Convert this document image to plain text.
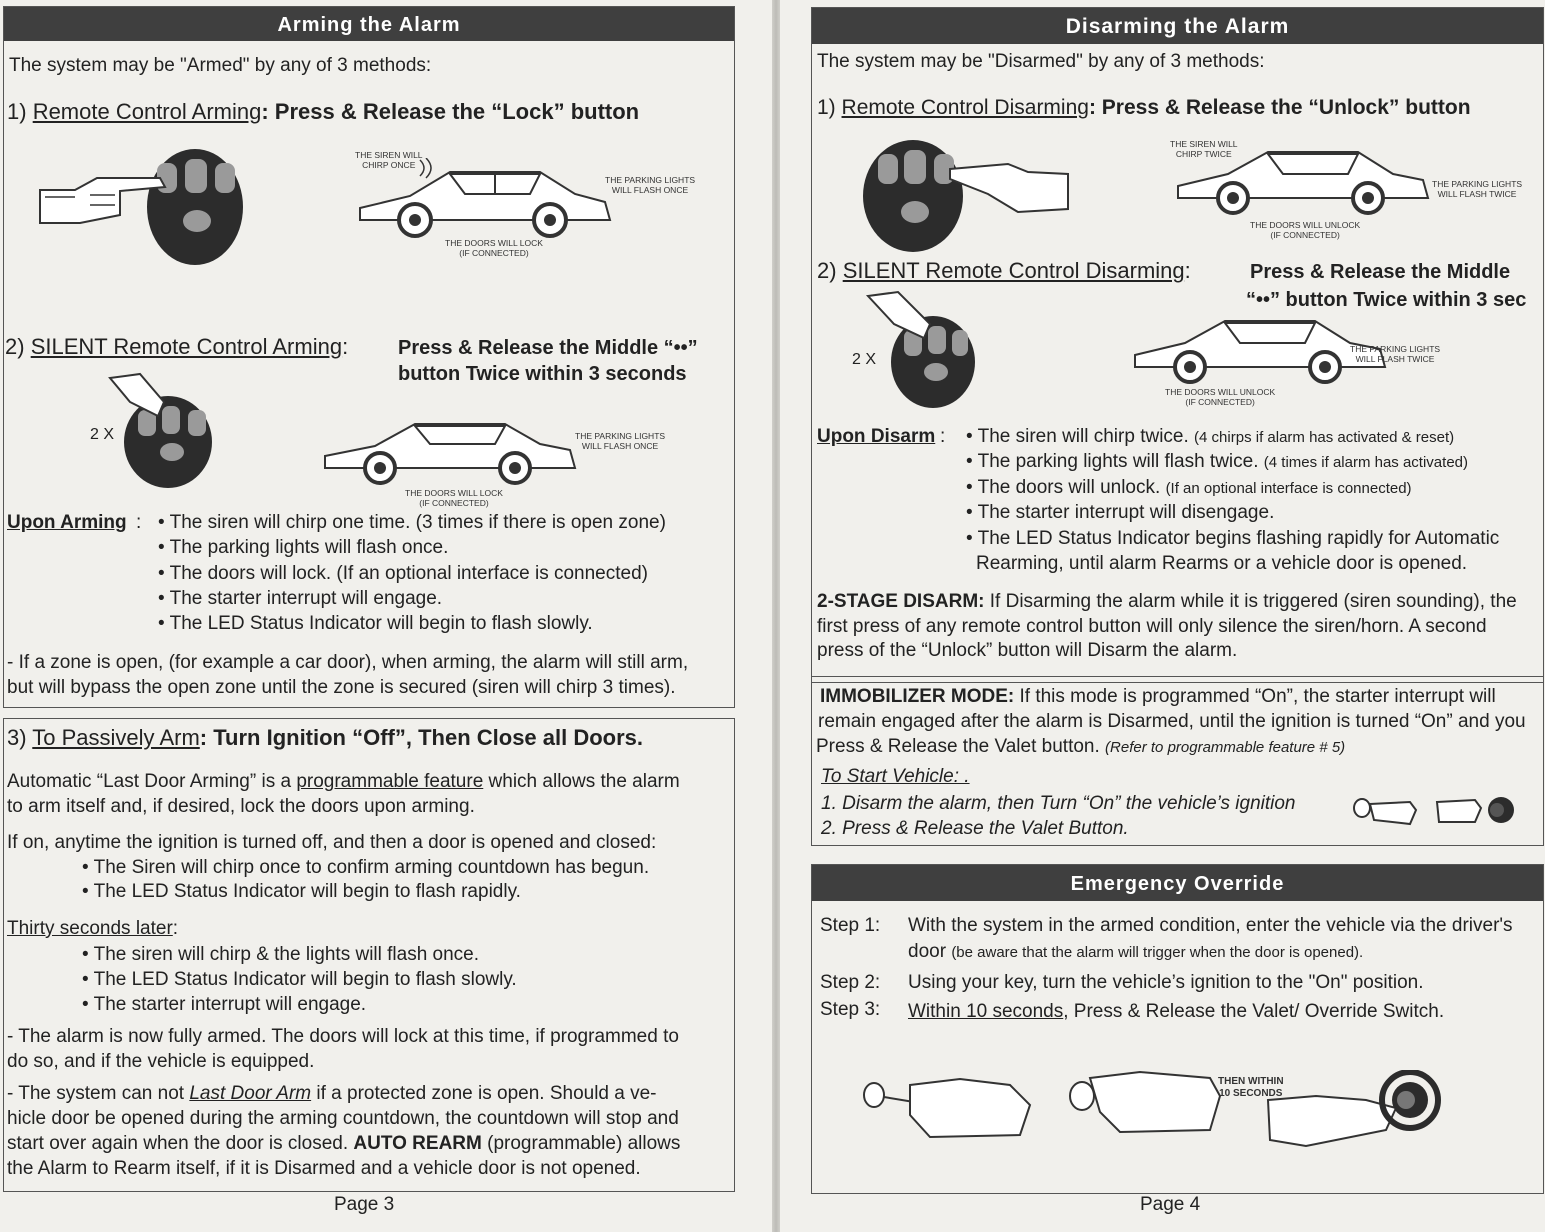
Arming the Alarm
The system may be "Armed" by any of 3 methods:
1) Remote Control Arming: Press & Release the “Lock” button
THE SIREN WILL
CHIRP ONCE
THE PARKING LIGHTS
WILL FLASH ONCE
THE DOORS WILL LOCK
(IF CONNECTED)
2) SILENT Remote Control Arming: Press & Release the Middle “••”
button Twice within 3 seconds
2 X	THE PARKING LIGHTS
WILL FLASH ONCE
THE DOORS WILL LOCK
(IF CONNECTED)
Upon Arming : • The siren will chirp one time. (3 times if there is open zone)
• The parking lights will flash once.
• The doors will lock. (If an optional interface is connected)
• The starter interrupt will engage.
• The LED Status Indicator will begin to flash slowly.
- If a zone is open, (for example a car door), when arming, the alarm will still arm,
but will bypass the open zone until the zone is secured (siren will chirp 3 times).
3) To Passively Arm: Turn Ignition “Off”, Then Close all Doors.
Automatic “Last Door Arming” is a programmable feature which allows the alarm
to arm itself and, if desired, lock the doors upon arming.
If on, anytime the ignition is turned off, and then a door is opened and closed:
• The Siren will chirp once to confirm arming countdown has begun.
• The LED Status Indicator will begin to flash rapidly.
Thirty seconds later:
• The siren will chirp & the lights will flash once.
• The LED Status Indicator will begin to flash slowly.
• The starter interrupt will engage.
- The alarm is now fully armed. The doors will lock at this time, if programmed to
do so, and if the vehicle is equipped.
- The system can not Last Door Arm if a protected zone is open. Should a ve-
hicle door be opened during the arming countdown, the countdown will stop and
start over again when the door is closed. AUTO REARM (programmable) allows
the Alarm to Rearm itself, if it is Disarmed and a vehicle door is not opened.
Page 3
Disarming the Alarm
The system may be "Disarmed" by any of 3 methods:
1) Remote Control Disarming: Press & Release the “Unlock” button
THE SIREN WILL
CHIRP TWICE
THE PARKING LIGHTS
WILL FLASH TWICE
THE DOORS WILL UNLOCK
(IF CONNECTED)
2) SILENT Remote Control Disarming:	Press & Release the Middle
“••” button Twice within 3 sec
2 X
THE PARKING LIGHTS
WILL FLASH TWICE
THE DOORS WILL UNLOCK
(IF CONNECTED)
Upon Disarm : • The siren will chirp twice. (4 chirps if alarm has activated & reset)
• The parking lights will flash twice. (4 times if alarm has activated)
• The doors will unlock. (If an optional interface is connected)
• The starter interrupt will disengage.
• The LED Status Indicator begins flashing rapidly for Automatic
Rearming, until alarm Rearms or a vehicle door is opened.
2-STAGE DISARM: If Disarming the alarm while it is triggered (siren sounding), the
first press of any remote control button will only silence the siren/horn. A second
press of the “Unlock” button will Disarm the alarm.
IMMOBILIZER MODE: If this mode is programmed “On”, the starter interrupt will
remain engaged after the alarm is Disarmed, until the ignition is turned “On” and you
Press & Release the Valet button. (Refer to programmable feature # 5)
To Start Vehicle: .
1. Disarm the alarm, then Turn “On” the vehicle’s ignition
2. Press & Release the Valet Button.
Emergency Override
Step 1: With the system in the armed condition, enter the vehicle via the driver's
door (be aware that the alarm will trigger when the door is opened).
Step 2: Using your key, turn the vehicle’s ignition to the "On" position.
Step 3: Within 10 seconds, Press & Release the Valet/ Override Switch.
THEN WITHIN
10 SECONDS
Page 4
